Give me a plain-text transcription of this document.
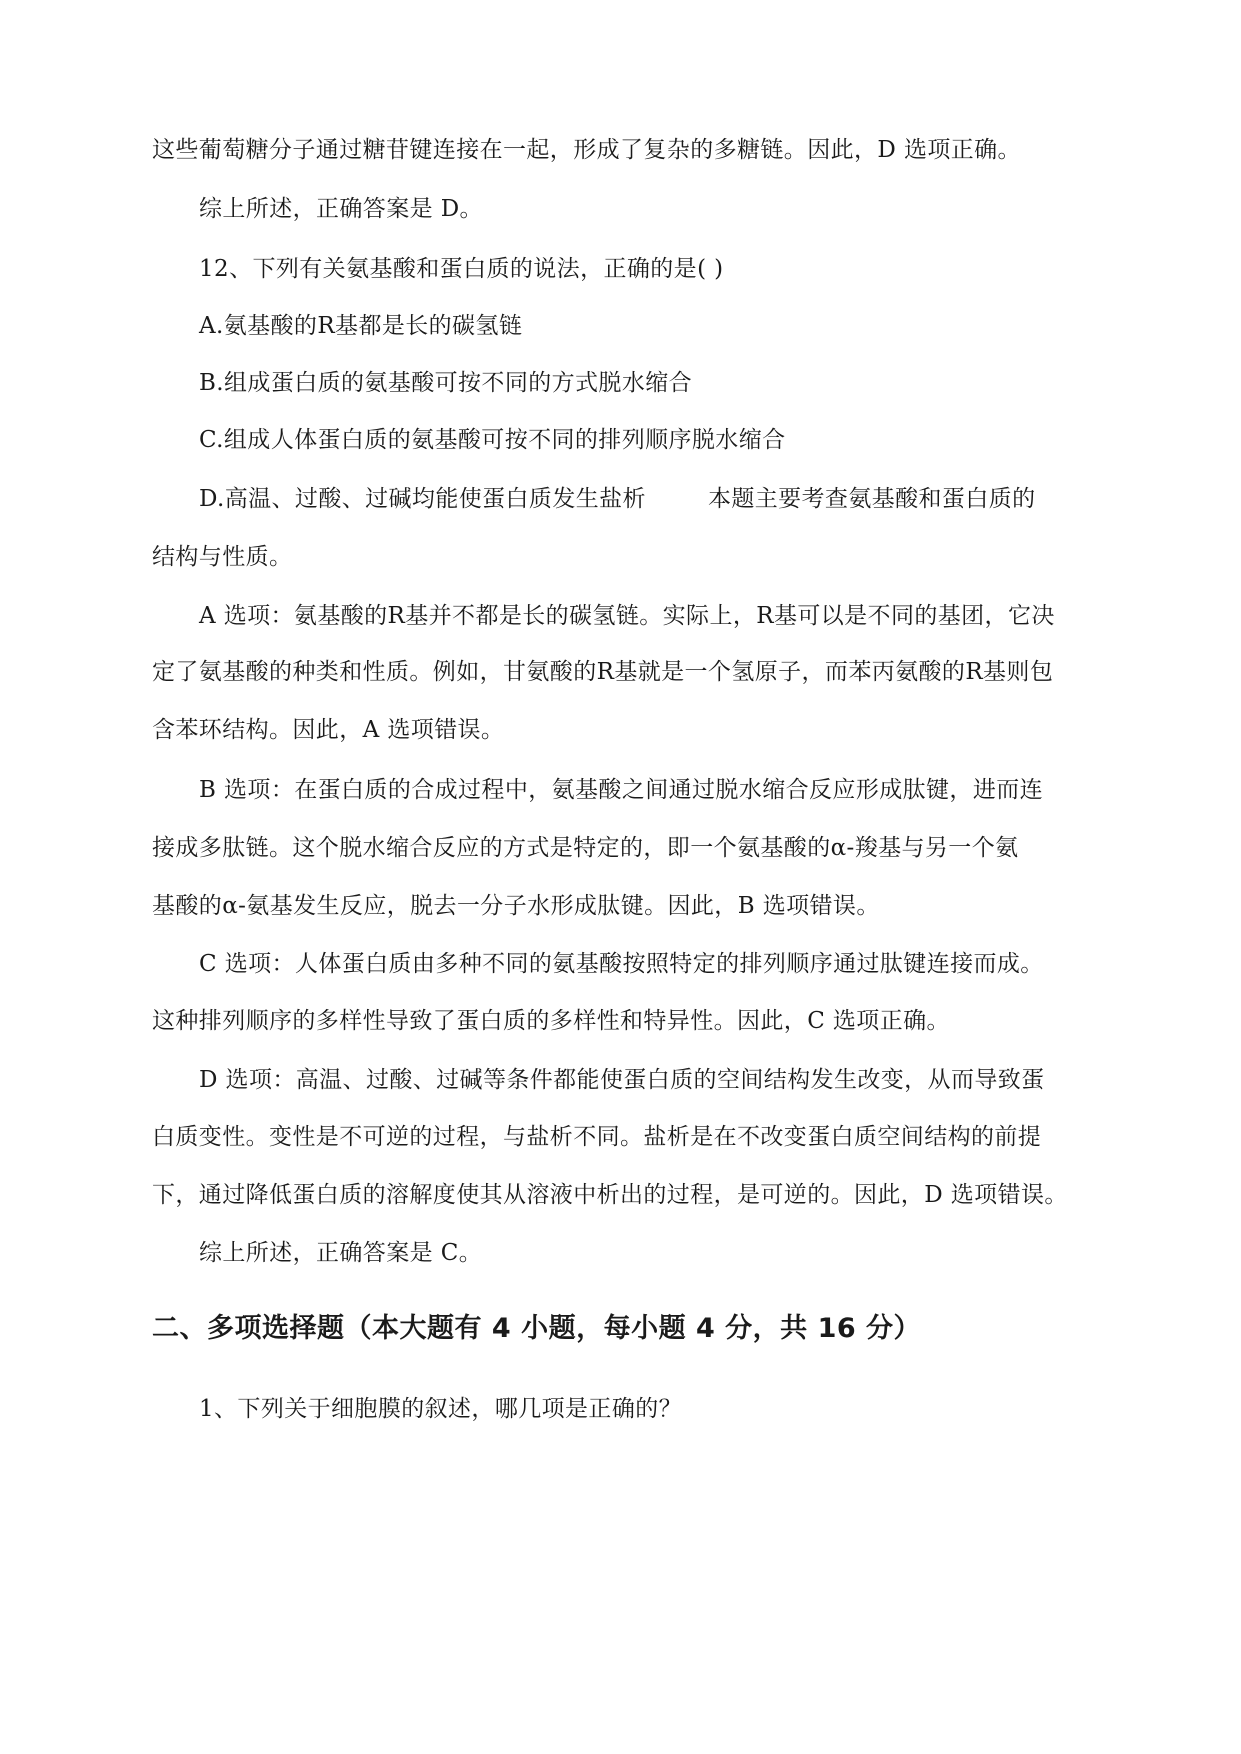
这些葡萄糖分子通过糖苷键连接在一起，形成了复杂的多糖链。因此，D 选项正确。
综上所述，正确答案是 D。
12、下列有关氨基酸和蛋白质的说法，正确的是( )
A.氨基酸的R基都是长的碳氢链
B.组成蛋白质的氨基酸可按不同的方式脱水缩合
C.组成人体蛋白质的氨基酸可按不同的排列顺序脱水缩合
D.高温、过酸、过碱均能使蛋白质发生盐析	本题主要考查氨基酸和蛋白质的
结构与性质。
A 选项：氨基酸的R基并不都是长的碳氢链。实际上，R基可以是不同的基团，它决
定了氨基酸的种类和性质。例如，甘氨酸的R基就是一个氢原子，而苯丙氨酸的R基则包
含苯环结构。因此，A 选项错误。
B 选项：在蛋白质的合成过程中，氨基酸之间通过脱水缩合反应形成肽键，进而连
接成多肽链。这个脱水缩合反应的方式是特定的，即一个氨基酸的α-羧基与另一个氨
基酸的α-氨基发生反应，脱去一分子水形成肽键。因此，B 选项错误。
C 选项：人体蛋白质由多种不同的氨基酸按照特定的排列顺序通过肽键连接而成。
这种排列顺序的多样性导致了蛋白质的多样性和特异性。因此，C 选项正确。
D 选项：高温、过酸、过碱等条件都能使蛋白质的空间结构发生改变，从而导致蛋
白质变性。变性是不可逆的过程，与盐析不同。盐析是在不改变蛋白质空间结构的前提
下，通过降低蛋白质的溶解度使其从溶液中析出的过程，是可逆的。因此，D 选项错误。
综上所述，正确答案是 C。
二、多项选择题（本大题有 4 小题，每小题 4 分，共 16 分）
1、下列关于细胞膜的叙述，哪几项是正确的？
